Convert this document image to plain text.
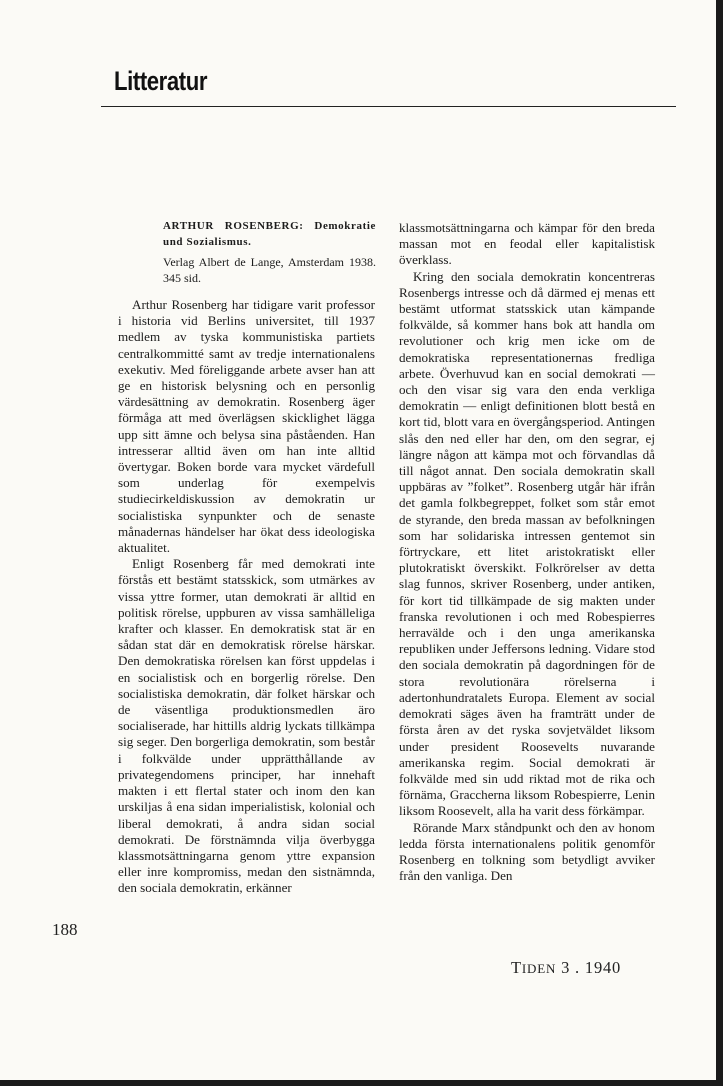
Litteratur

ARTHUR ROSENBERG: Demokratie und Sozialismus.

Verlag Albert de Lange, Amsterdam 1938. 345 sid.

Arthur Rosenberg har tidigare varit professor i historia vid Berlins universitet, till 1937 medlem av tyska kommunistiska partiets centralkommitté samt av tredje internationalens exekutiv. Med föreliggande arbete avser han att ge en historisk belysning och en personlig värdesättning av demokratin. Rosenberg äger förmåga att med överlägsen skicklighet lägga upp sitt ämne och belysa sina påståenden. Han intresserar alltid även om han inte alltid övertygar. Boken borde vara mycket värdefull som underlag för exempelvis studiecirkeldiskussion av demokratin ur socialistiska synpunkter och de senaste månadernas händelser har ökat dess ideologiska aktualitet.

Enligt Rosenberg får med demokrati inte förstås ett bestämt statsskick, som utmärkes av vissa yttre former, utan demokrati är alltid en politisk rörelse, uppburen av vissa samhälleliga krafter och klasser. En demokratisk stat är en sådan stat där en demokratisk rörelse härskar. Den demokratiska rörelsen kan först uppdelas i en socialistisk och en borgerlig rörelse. Den socialistiska demokratin, där folket härskar och de väsentliga produktionsmedlen äro socialiserade, har hittills aldrig lyckats tillkämpa sig seger. Den borgerliga demokratin, som består i folkvälde under upprätthållande av privategendomens principer, har innehaft makten i ett flertal stater och inom den kan urskiljas å ena sidan imperialistisk, kolonial och liberal demokrati, å andra sidan social demokrati. De förstnämnda vilja överbygga klassmotsättningarna genom yttre expansion eller inre kompromiss, medan den sistnämnda, den sociala demokratin, erkänner

klassmotsättningarna och kämpar för den breda massan mot en feodal eller kapitalistisk överklass.

Kring den sociala demokratin koncentreras Rosenbergs intresse och då därmed ej menas ett bestämt utformat statsskick utan kämpande folkvälde, så kommer hans bok att handla om revolutioner och krig men icke om de demokratiska representationernas fredliga arbete. Överhuvud kan en social demokrati — och den visar sig vara den enda verkliga demokratin — enligt definitionen blott bestå en kort tid, blott vara en övergångsperiod. Antingen slås den ned eller har den, om den segrar, ej längre någon att kämpa mot och förvandlas då till något annat. Den sociala demokratin skall uppbäras av ”folket”. Rosenberg utgår här ifrån det gamla folkbegreppet, folket som står emot de styrande, den breda massan av befolkningen som har solidariska intressen gentemot sin förtryckare, ett litet aristokratiskt eller plutokratiskt överskikt. Folkrörelser av detta slag funnos, skriver Rosenberg, under antiken, för kort tid tillkämpade de sig makten under franska revolutionen i och med Robespierres herravälde och i den unga amerikanska republiken under Jeffersons ledning. Vidare stod den sociala demokratin på dagordningen för de stora revolutionära rörelserna i adertonhundratalets Europa. Element av social demokrati säges även ha framträtt under de första åren av det ryska sovjetväldet liksom under president Roosevelts nuvarande amerikanska regim. Social demokrati är folkvälde med sin udd riktad mot de rika och förnäma, Gracchernа liksom Robespierre, Lenin liksom Roosevelt, alla ha varit dess förkämpar.

Rörande Marx ståndpunkt och den av honom ledda första internationalens politik genomför Rosenberg en tolkning som betydligt avviker från den vanliga. Den

188

TIDEN 3 . 1940
